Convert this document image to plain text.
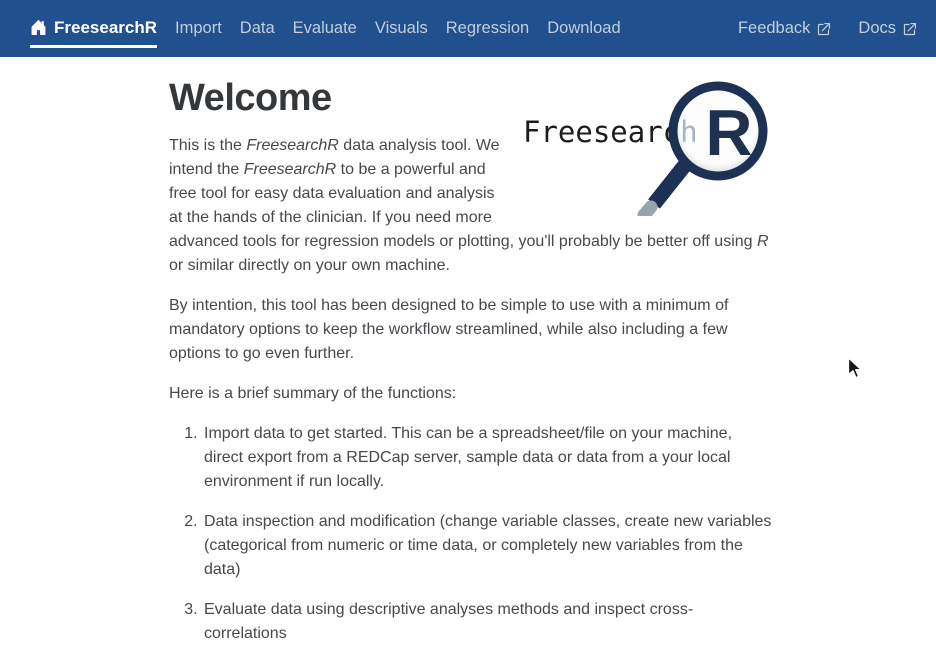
FreesearchR	Import	Data	Evaluate	Visuals	Regression	Download	Feedback	Docs
Freesearch R
Welcome

This is the FreesearchR data analysis tool. We intend the FreesearchR to be a powerful and free tool for easy data evaluation and analysis at the hands of the clinician. If you need more advanced tools for regression models or plotting, you'll probably be better off using R or similar directly on your own machine.

By intention, this tool has been designed to be simple to use with a minimum of mandatory options to keep the workflow streamlined, while also including a few options to go even further.

Here is a brief summary of the functions:

1. Import data to get started. This can be a spreadsheet/file on your machine, direct export from a REDCap server, sample data or data from a your local environment if run locally.
2. Data inspection and modification (change variable classes, create new variables (categorical from numeric or time data, or completely new variables from the data)
3. Evaluate data using descriptive analyses methods and inspect cross-correlations
